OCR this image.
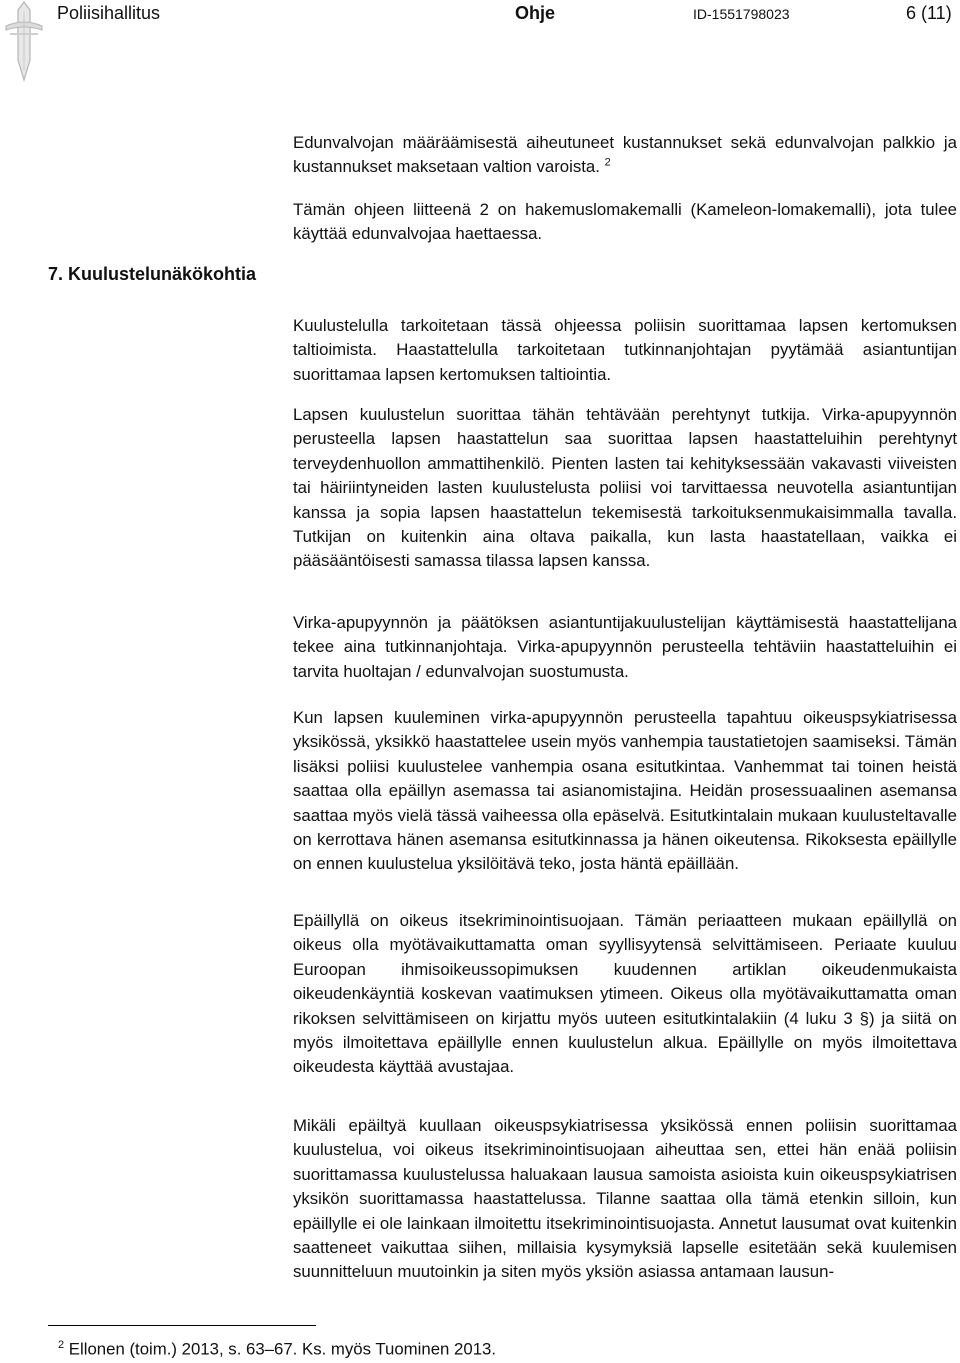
Poliisihallitus	Ohje	ID-1551798023	6 (11)

Edunvalvojan määräämisestä aiheutuneet kustannukset sekä edunvalvojan palkkio ja kustannukset maksetaan valtion varoista. $^2$

Tämän ohjeen liitteenä 2 on hakemuslomakemalli (Kameleon-lomakemalli), jota tulee käyttää edunvalvojaa haettaessa.

7. Kuulustelunäkökohtia

Kuulustelulla tarkoitetaan tässä ohjeessa poliisin suorittamaa lapsen kertomuksen taltioimista. Haastattelulla tarkoitetaan tutkinnanjohtajan pyytämää asiantuntijan suorittamaa lapsen kertomuksen taltiointia.

Lapsen kuulustelun suorittaa tähän tehtävään perehtynyt tutkija. Virka-apupyynnön perusteella lapsen haastattelun saa suorittaa lapsen haastatteluihin perehtynyt terveydenhuollon ammattihenkilö. Pienten lasten tai kehityksessään vakavasti viiveisten tai häiriintyneiden lasten kuulustelusta poliisi voi tarvittaessa neuvotella asiantuntijan kanssa ja sopia lapsen haastattelun tekemisestä tarkoituksenmukaisimmalla tavalla. Tutkijan on kuitenkin aina oltava paikalla, kun lasta haastatellaan, vaikka ei pääsääntöisesti samassa tilassa lapsen kanssa.

Virka-apupyynnön ja päätöksen asiantuntijakuulustelijan käyttämisestä haastattelijana tekee aina tutkinnanjohtaja. Virka-apupyynnön perusteella tehtäviin haastatteluihin ei tarvita huoltajan / edunvalvojan suostumusta.

Kun lapsen kuuleminen virka-apupyynnön perusteella tapahtuu oikeuspsykiatrisessa yksikössä, yksikkö haastattelee usein myös vanhempia taustatietojen saamiseksi. Tämän lisäksi poliisi kuulustelee vanhempia osana esitutkintaa. Vanhemmat tai toinen heistä saattaa olla epäillyn asemassa tai asianomistajina. Heidän prosessuaalinen asemansa saattaa myös vielä tässä vaiheessa olla epäselvä. Esitutkintalain mukaan kuulusteltavalle on kerrottava hänen asemansa esitutkinnassa ja hänen oikeutensa. Rikoksesta epäillylle on ennen kuulustelua yksilöitävä teko, josta häntä epäillään.

Epäillyllä on oikeus itsekriminointisuojaan. Tämän periaatteen mukaan epäillyllä on oikeus olla myötävaikuttamatta oman syyllisyytensä selvittämiseen. Periaate kuuluu Euroopan ihmisoikeussopimuksen kuudennen artiklan oikeudenmukaista oikeudenkäyntiä koskevan vaatimuksen ytimeen. Oikeus olla myötävaikuttamatta oman rikoksen selvittämiseen on kirjattu myös uuteen esitutkintalakiin (4 luku 3 §) ja siitä on myös ilmoitettava epäillylle ennen kuulustelun alkua. Epäillylle on myös ilmoitettava oikeudesta käyttää avustajaa.

Mikäli epäiltyä kuullaan oikeuspsykiatrisessa yksikössä ennen poliisin suorittamaa kuulustelua, voi oikeus itsekriminointisuojaan aiheuttaa sen, ettei hän enää poliisin suorittamassa kuulustelussa haluakaan lausua samoista asioista kuin oikeuspsykiatrisen yksikön suorittamassa haastattelussa. Tilanne saattaa olla tämä etenkin silloin, kun epäillylle ei ole lainkaan ilmoitettu itsekriminointisuojasta. Annetut lausumat ovat kuitenkin saatteneet vaikuttaa siihen, millaisia kysymyksiä lapselle esitetään sekä kuulemisen suunnitteluun muutoinkin ja siten myös yksiön asiassa antamaan lausun-

$^2$ Ellonen (toim.) 2013, s. 63–67. Ks. myös Tuominen 2013.
